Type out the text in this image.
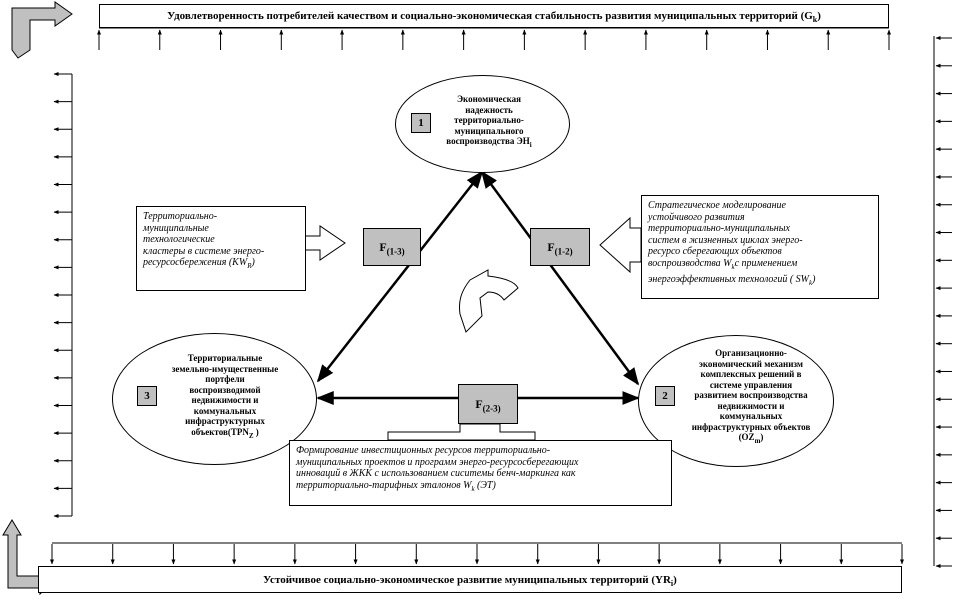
Удовлетворенность потребителей качеством и социально-экономическая стабильность развития муниципальных территорий $(G_k)$
Устойчивое социально-экономическое развитие муниципальных территорий $(YR_i)$
1
Экономическая
надежность
территориально-
муниципального
воспроизводства $ЭН_i$
2
Организационно-
экономический механизм
комплексных решений в
системе управления
развитием воспроизводства
недвижимости и
коммунальных
инфраструктурных объектов
$(OZ_m)$
3
Территориальные
земельно-имущественные
портфели
воспроизводимой
недвижимости и
коммунальных
инфраструктурных
$объектов(TPN_Z$ )
$F_{(1-3)}$	$F_{(1-2)}$
$F_{(2-3)}$
Территориально-
муниципальные
технологические
кластеры в системе энерго-
ресурсосбережения $(KW_R)$
Стратегическое моделирование
устойчивого развития
территориально-муниципальных
систем в жизненных циклах энерго-
ресурсо сберегающих объектов
воспроизводства $W_kс$ применением
энергоэффективных технологий ( $SW_k$)
Формирование инвестиционных ресурсов территориально-
муниципальных проектов и программ энерго-ресурсосберегающих
инноваций в ЖКК с использованием сиситемы бенч-маркинга как
территориально-тарифных эталонов $W_k$ (ЭТ)
